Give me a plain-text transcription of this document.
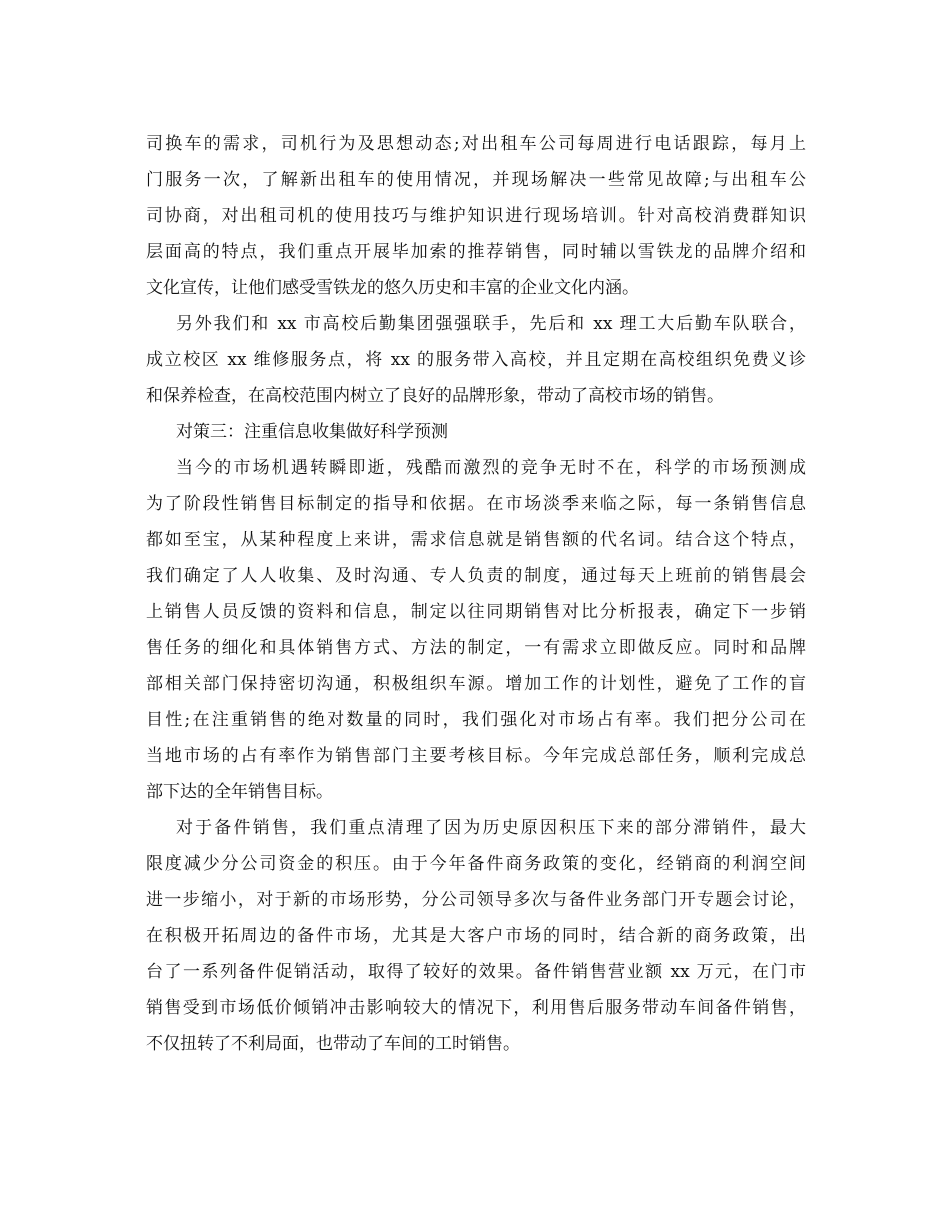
司换车的需求，司机行为及思想动态;对出租车公司每周进行电话跟踪，每月上
门服务一次，了解新出租车的使用情况，并现场解决一些常见故障;与出租车公
司协商，对出租司机的使用技巧与维护知识进行现场培训。针对高校消费群知识
层面高的特点，我们重点开展毕加索的推荐销售，同时辅以雪铁龙的品牌介绍和
文化宣传，让他们感受雪铁龙的悠久历史和丰富的企业文化内涵。
另外我们和 xx 市高校后勤集团强强联手，先后和 xx 理工大后勤车队联合，
成立校区 xx 维修服务点，将 xx 的服务带入高校，并且定期在高校组织免费义诊
和保养检查，在高校范围内树立了良好的品牌形象，带动了高校市场的销售。
对策三：注重信息收集做好科学预测
当今的市场机遇转瞬即逝，残酷而激烈的竞争无时不在，科学的市场预测成
为了阶段性销售目标制定的指导和依据。在市场淡季来临之际，每一条销售信息
都如至宝，从某种程度上来讲，需求信息就是销售额的代名词。结合这个特点，
我们确定了人人收集、及时沟通、专人负责的制度，通过每天上班前的销售晨会
上销售人员反馈的资料和信息，制定以往同期销售对比分析报表，确定下一步销
售任务的细化和具体销售方式、方法的制定，一有需求立即做反应。同时和品牌
部相关部门保持密切沟通，积极组织车源。增加工作的计划性，避免了工作的盲
目性;在注重销售的绝对数量的同时，我们强化对市场占有率。我们把分公司在
当地市场的占有率作为销售部门主要考核目标。今年完成总部任务，顺利完成总
部下达的全年销售目标。
对于备件销售，我们重点清理了因为历史原因积压下来的部分滞销件，最大
限度减少分公司资金的积压。由于今年备件商务政策的变化，经销商的利润空间
进一步缩小，对于新的市场形势，分公司领导多次与备件业务部门开专题会讨论，
在积极开拓周边的备件市场，尤其是大客户市场的同时，结合新的商务政策，出
台了一系列备件促销活动，取得了较好的效果。备件销售营业额 xx 万元，在门市
销售受到市场低价倾销冲击影响较大的情况下，利用售后服务带动车间备件销售，
不仅扭转了不利局面，也带动了车间的工时销售。
